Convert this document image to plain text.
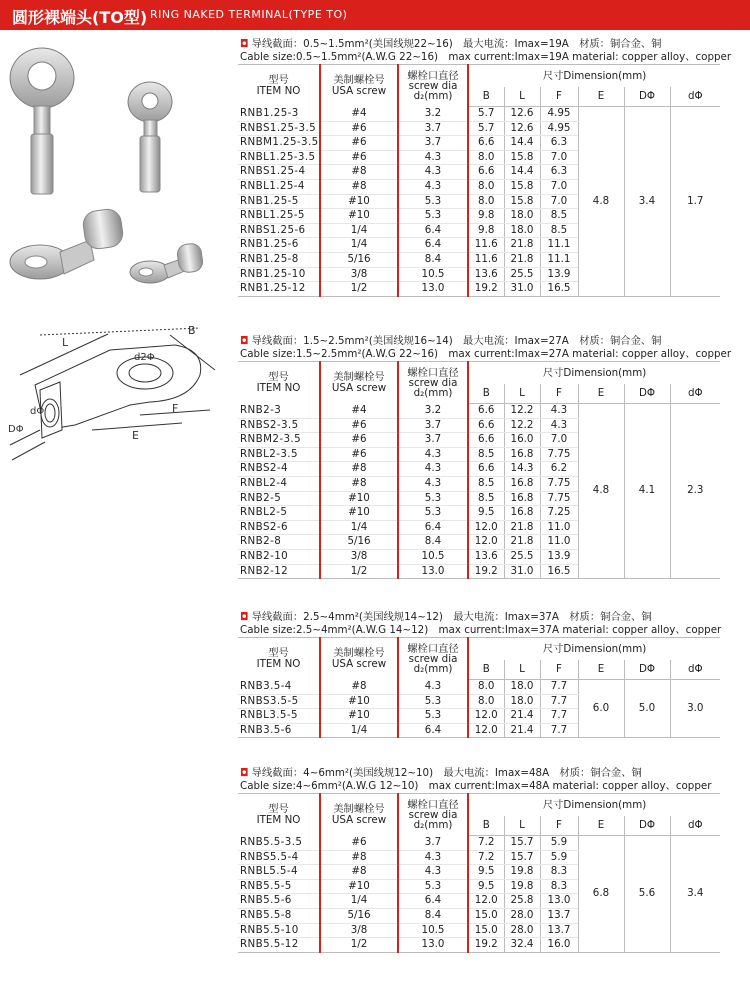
圆形裸端头(TO型) RING NAKED TERMINAL(TYPE TO)
L
B
F
E
d2Φ
dΦ
DΦ
◘ 导线截面：0.5~1.5mm²(美国线规22~16)　最大电流：Imax=19A　材质：铜合金、铜
Cable size:0.5~1.5mm²(A.W.G 22~16)　max current:Imax=19A material: copper alloy、copper
型号
ITEM NO	美制螺栓号
USA screw	螺栓口直径
screw dia
d₂(mm)	尺寸Dimension(mm)					
			B	L	F	E	DΦ	dΦ
RNB1.25-3	#4	3.2	5.7	12.6	4.95	4.8	3.4	1.7
RNBS1.25-3.5	#6	3.7	5.7	12.6	4.95			
RNBM1.25-3.5	#6	3.7	6.6	14.4	6.3			
RNBL1.25-3.5	#6	4.3	8.0	15.8	7.0			
RNBS1.25-4	#8	4.3	6.6	14.4	6.3			
RNBL1.25-4	#8	4.3	8.0	15.8	7.0			
RNB1.25-5	#10	5.3	8.0	15.8	7.0			
RNBL1.25-5	#10	5.3	9.8	18.0	8.5			
RNBS1.25-6	1/4	6.4	9.8	18.0	8.5			
RNB1.25-6	1/4	6.4	11.6	21.8	11.1			
RNB1.25-8	5/16	8.4	11.6	21.8	11.1			
RNB1.25-10	3/8	10.5	13.6	25.5	13.9			
RNB1.25-12	1/2	13.0	19.2	31.0	16.5			
◘ 导线截面：1.5~2.5mm²(美国线规16~14)　最大电流：Imax=27A　材质：铜合金、铜
Cable size:1.5~2.5mm²(A.W.G 22~16)　max current:Imax=27A material: copper alloy、copper
型号
ITEM NO	美制螺栓号
USA screw	螺栓口直径
screw dia
d₂(mm)	尺寸Dimension(mm)					
			B	L	F	E	DΦ	dΦ
RNB2-3	#4	3.2	6.6	12.2	4.3	4.8	4.1	2.3
RNBS2-3.5	#6	3.7	6.6	12.2	4.3			
RNBM2-3.5	#6	3.7	6.6	16.0	7.0			
RNBL2-3.5	#6	4.3	8.5	16.8	7.75			
RNBS2-4	#8	4.3	6.6	14.3	6.2			
RNBL2-4	#8	4.3	8.5	16.8	7.75			
RNB2-5	#10	5.3	8.5	16.8	7.75			
RNBL2-5	#10	5.3	9.5	16.8	7.25			
RNBS2-6	1/4	6.4	12.0	21.8	11.0			
RNB2-8	5/16	8.4	12.0	21.8	11.0			
RNB2-10	3/8	10.5	13.6	25.5	13.9			
RNB2-12	1/2	13.0	19.2	31.0	16.5			
◘ 导线截面：2.5~4mm²(美国线规14~12)　最大电流：Imax=37A　材质：铜合金、铜
Cable size:2.5~4mm²(A.W.G 14~12)　max current:Imax=37A material: copper alloy、copper
型号
ITEM NO	美制螺栓号
USA screw	螺栓口直径
screw dia
d₂(mm)	尺寸Dimension(mm)					
			B	L	F	E	DΦ	dΦ
RNB3.5-4	#8	4.3	8.0	18.0	7.7	6.0	5.0	3.0
RNBS3.5-5	#10	5.3	8.0	18.0	7.7			
RNBL3.5-5	#10	5.3	12.0	21.4	7.7			
RNB3.5-6	1/4	6.4	12.0	21.4	7.7			
◘ 导线截面：4~6mm²(美国线规12~10)　最大电流：Imax=48A　材质：铜合金、铜
Cable size:4~6mm²(A.W.G 12~10)　max current:Imax=48A material: copper alloy、copper
型号
ITEM NO	美制螺栓号
USA screw	螺栓口直径
screw dia
d₂(mm)	尺寸Dimension(mm)					
			B	L	F	E	DΦ	dΦ
RNB5.5-3.5	#6	3.7	7.2	15.7	5.9	6.8	5.6	3.4
RNBS5.5-4	#8	4.3	7.2	15.7	5.9			
RNBL5.5-4	#8	4.3	9.5	19.8	8.3			
RNB5.5-5	#10	5.3	9.5	19.8	8.3			
RNB5.5-6	1/4	6.4	12.0	25.8	13.0			
RNB5.5-8	5/16	8.4	15.0	28.0	13.7			
RNB5.5-10	3/8	10.5	15.0	28.0	13.7			
RNB5.5-12	1/2	13.0	19.2	32.4	16.0			
